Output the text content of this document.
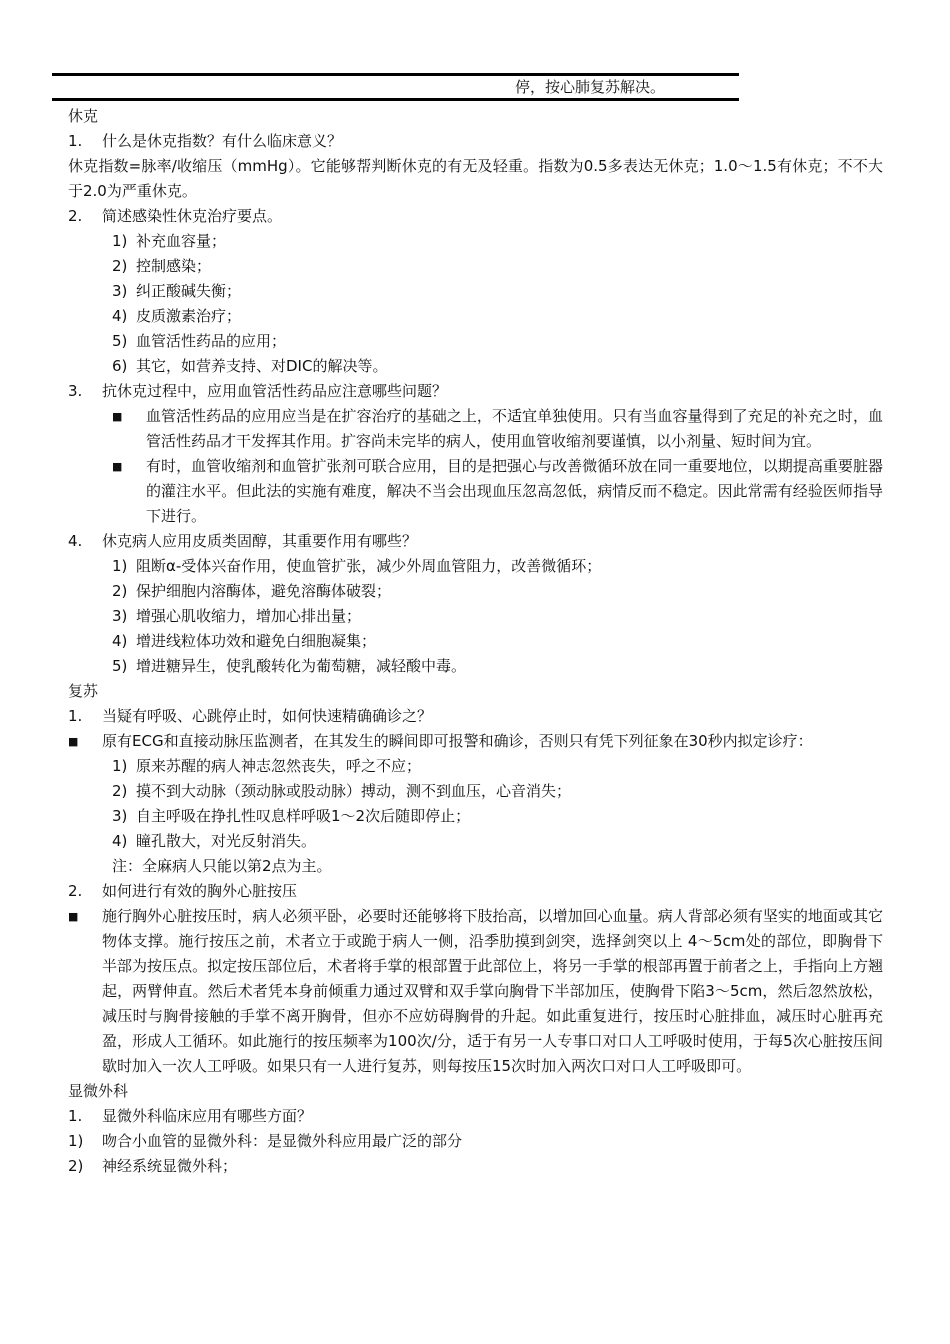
停，按心肺复苏解决。
休克
1.	什么是休克指数？有什么临床意义？
休克指数=脉率/收缩压（mmHg）。它能够帮判断休克的有无及轻重。指数为0.5多表达无休克；1.0～1.5有休克；不不大于2.0为严重休克。
2.	简述感染性休克治疗要点。
1) 补充血容量；
2) 控制感染；
3) 纠正酸碱失衡；
4) 皮质激素治疗；
5) 血管活性药品的应用；
6) 其它，如营养支持、对DIC的解决等。
3.	抗休克过程中，应用血管活性药品应注意哪些问题？
■	血管活性药品的应用应当是在扩容治疗的基础之上，不适宜单独使用。只有当血容量得到了充足的补充之时，血管活性药品才干发挥其作用。扩容尚未完毕的病人，使用血管收缩剂要谨慎，以小剂量、短时间为宜。
■	有时，血管收缩剂和血管扩张剂可联合应用，目的是把强心与改善微循环放在同一重要地位，以期提高重要脏器的灌注水平。但此法的实施有难度，解决不当会出现血压忽高忽低，病情反而不稳定。因此常需有经验医师指导下进行。
4.	休克病人应用皮质类固醇，其重要作用有哪些？
1) 阻断α-受体兴奋作用，使血管扩张，减少外周血管阻力，改善微循环；
2) 保护细胞内溶酶体，避免溶酶体破裂；
3) 增强心肌收缩力，增加心排出量；
4) 增进线粒体功效和避免白细胞凝集；
5) 增进糖异生，使乳酸转化为葡萄糖，减轻酸中毒。
复苏
1.	当疑有呼吸、心跳停止时，如何快速精确确诊之？
■	原有ECG和直接动脉压监测者，在其发生的瞬间即可报警和确诊，否则只有凭下列征象在30秒内拟定诊疗：
1) 原来苏醒的病人神志忽然丧失，呼之不应；
2) 摸不到大动脉（颈动脉或股动脉）搏动，测不到血压，心音消失；
3) 自主呼吸在挣扎性叹息样呼吸1～2次后随即停止；
4) 瞳孔散大，对光反射消失。
注：全麻病人只能以第2点为主。
2.	如何进行有效的胸外心脏按压
■	施行胸外心脏按压时，病人必须平卧，必要时还能够将下肢抬高，以增加回心血量。病人背部必须有坚实的地面或其它物体支撑。施行按压之前，术者立于或跪于病人一侧，沿季肋摸到剑突，选择剑突以上 4～5cm处的部位，即胸骨下半部为按压点。拟定按压部位后，术者将手掌的根部置于此部位上，将另一手掌的根部再置于前者之上，手指向上方翘起，两臂伸直。然后术者凭本身前倾重力通过双臂和双手掌向胸骨下半部加压，使胸骨下陷3～5cm，然后忽然放松，减压时与胸骨接触的手掌不离开胸骨，但亦不应妨碍胸骨的升起。如此重复进行，按压时心脏排血，减压时心脏再充盈，形成人工循环。如此施行的按压频率为100次/分，适于有另一人专事口对口人工呼吸时使用，于每5次心脏按压间歇时加入一次人工呼吸。如果只有一人进行复苏，则每按压15次时加入两次口对口人工呼吸即可。
显微外科
1.	显微外科临床应用有哪些方面？
1)	吻合小血管的显微外科：是显微外科应用最广泛的部分
2)	神经系统显微外科；
